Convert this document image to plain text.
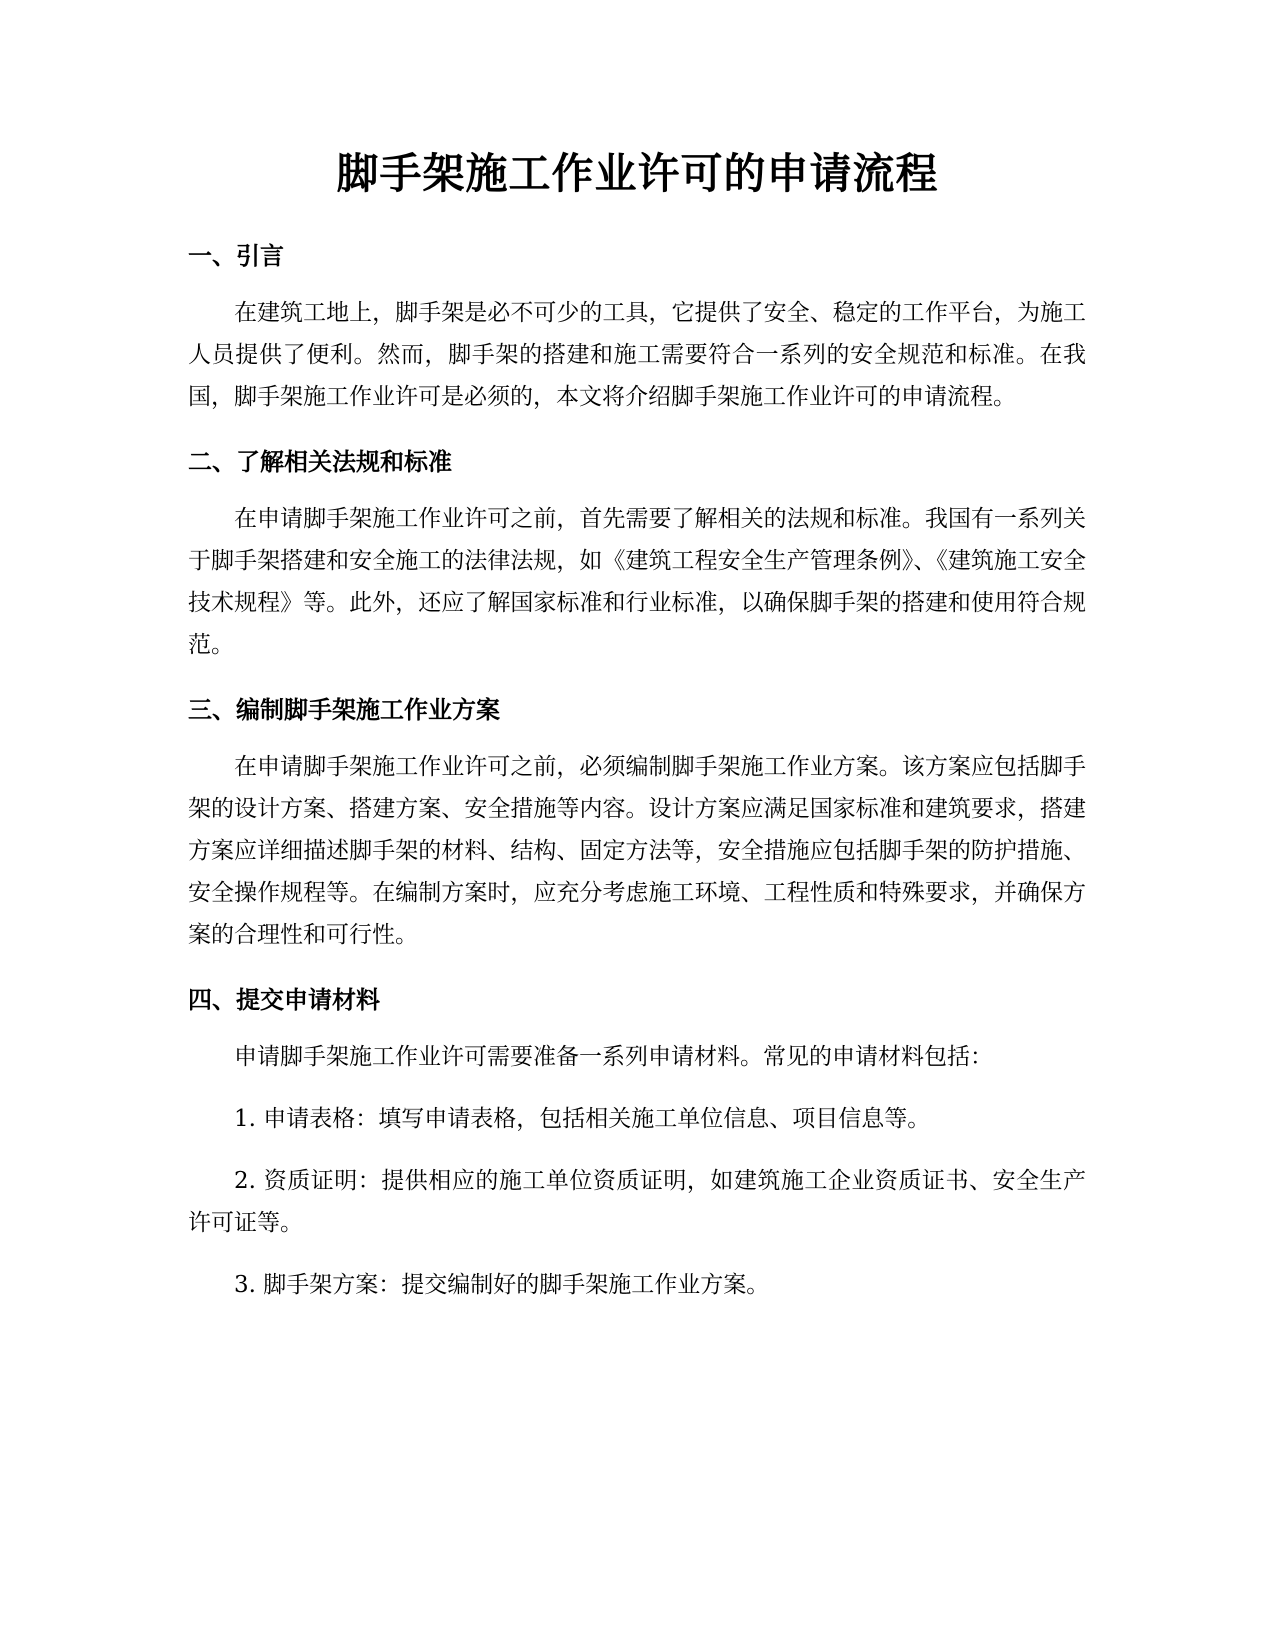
脚手架施工作业许可的申请流程
一、引言

在建筑工地上，脚手架是必不可少的工具，它提供了安全、稳定的工作平台，为施工人员提供了便利。然而，脚手架的搭建和施工需要符合一系列的安全规范和标准。在我国，脚手架施工作业许可是必须的，本文将介绍脚手架施工作业许可的申请流程。

二、了解相关法规和标准

在申请脚手架施工作业许可之前，首先需要了解相关的法规和标准。我国有一系列关于脚手架搭建和安全施工的法律法规，如《建筑工程安全生产管理条例》、《建筑施工安全技术规程》等。此外，还应了解国家标准和行业标准，以确保脚手架的搭建和使用符合规范。

三、编制脚手架施工作业方案

在申请脚手架施工作业许可之前，必须编制脚手架施工作业方案。该方案应包括脚手架的设计方案、搭建方案、安全措施等内容。设计方案应满足国家标准和建筑要求，搭建方案应详细描述脚手架的材料、结构、固定方法等，安全措施应包括脚手架的防护措施、安全操作规程等。在编制方案时，应充分考虑施工环境、工程性质和特殊要求，并确保方案的合理性和可行性。

四、提交申请材料

申请脚手架施工作业许可需要准备一系列申请材料。常见的申请材料包括：

1. 申请表格：填写申请表格，包括相关施工单位信息、项目信息等。

2. 资质证明：提供相应的施工单位资质证明，如建筑施工企业资质证书、安全生产许可证等。

3. 脚手架方案：提交编制好的脚手架施工作业方案。
